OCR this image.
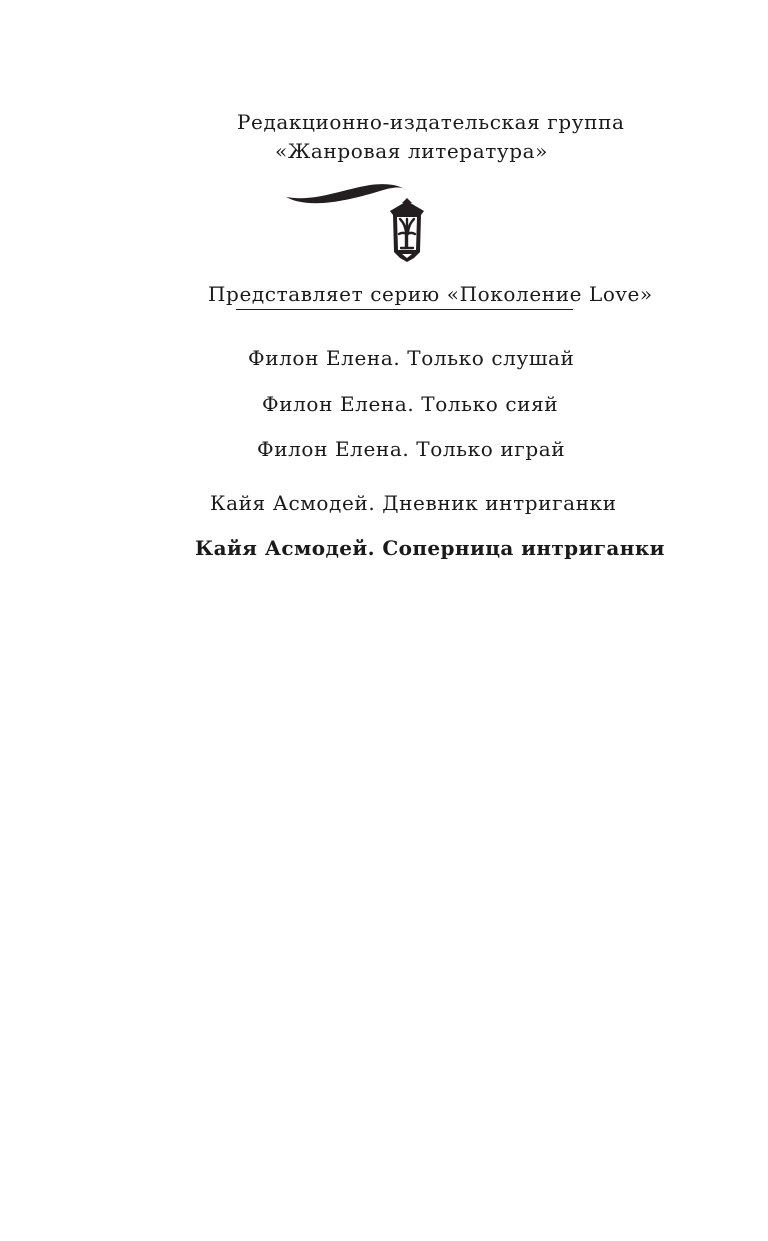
Редакционно-издательская группа
«Жанровая литература»
Представляет серию «Поколение Love»
Филон Елена. Только слушай
Филон Елена. Только сияй
Филон Елена. Только играй
Кайя Асмодей. Дневник интриганки
Кайя Асмодей. Соперница интриганки
